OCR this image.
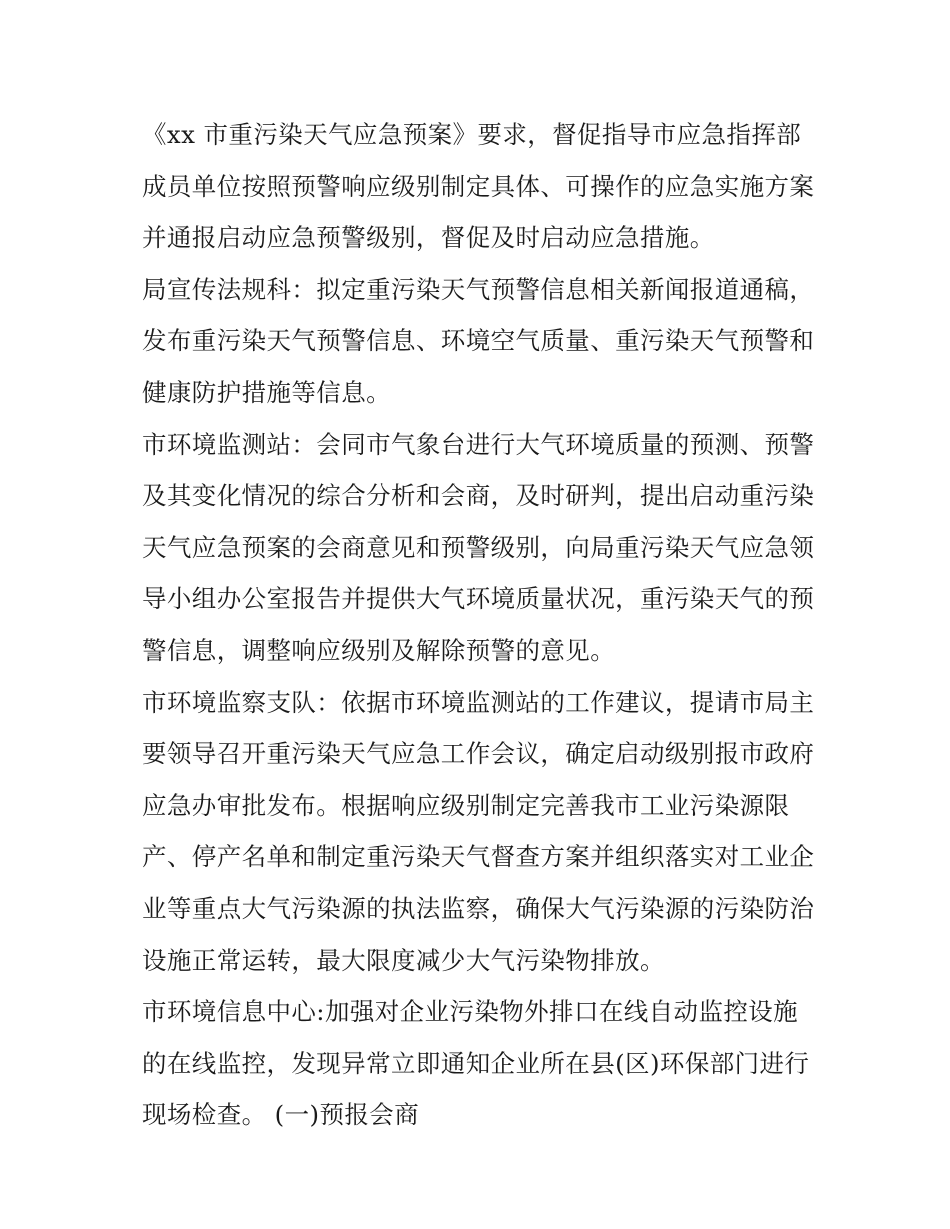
《xx 市重污染天气应急预案》要求，督促指导市应急指挥部
成员单位按照预警响应级别制定具体、可操作的应急实施方案
并通报启动应急预警级别，督促及时启动应急措施。
局宣传法规科：拟定重污染天气预警信息相关新闻报道通稿，
发布重污染天气预警信息、环境空气质量、重污染天气预警和
健康防护措施等信息。
市环境监测站：会同市气象台进行大气环境质量的预测、预警
及其变化情况的综合分析和会商，及时研判，提出启动重污染
天气应急预案的会商意见和预警级别，向局重污染天气应急领
导小组办公室报告并提供大气环境质量状况，重污染天气的预
警信息，调整响应级别及解除预警的意见。
市环境监察支队：依据市环境监测站的工作建议，提请市局主
要领导召开重污染天气应急工作会议，确定启动级别报市政府
应急办审批发布。根据响应级别制定完善我市工业污染源限
产、停产名单和制定重污染天气督查方案并组织落实对工业企
业等重点大气污染源的执法监察，确保大气污染源的污染防治
设施正常运转，最大限度减少大气污染物排放。
市环境信息中心:加强对企业污染物外排口在线自动监控设施
的在线监控，发现异常立即通知企业所在县(区)环保部门进行
现场检查。 (一)预报会商
